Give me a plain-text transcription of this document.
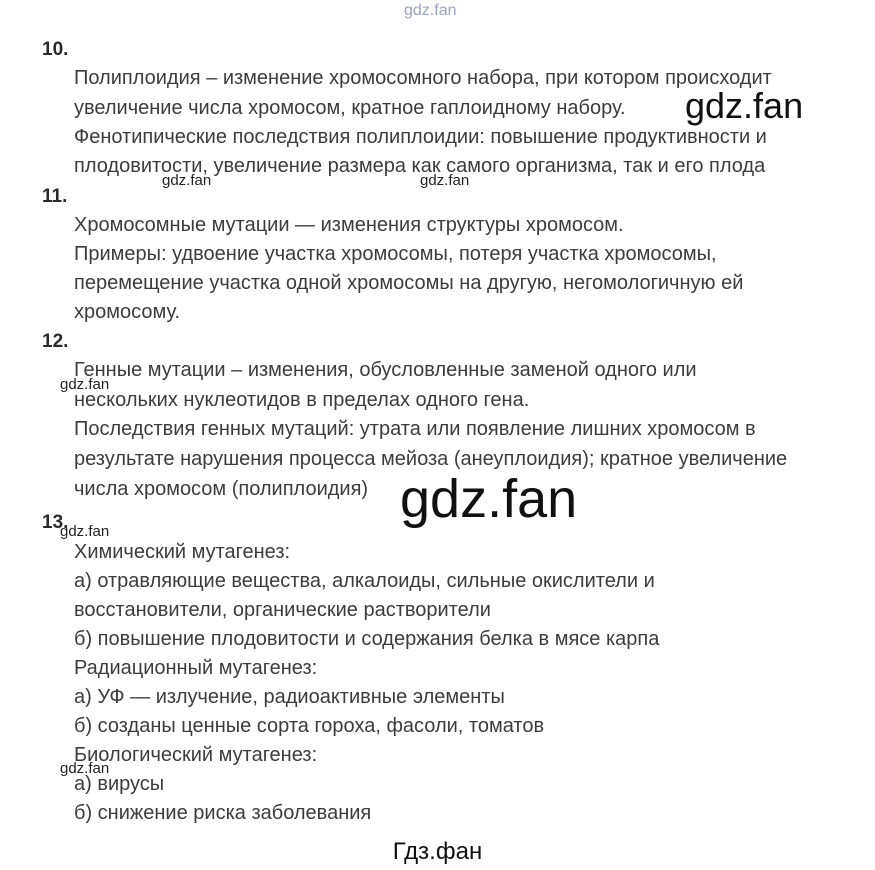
gdz.fan
10.
Полиплоидия – изменение хромосомного набора, при котором происходит
увеличение числа хромосом, кратное гаплоидному набору.
Фенотипические последствия полиплоидии: повышение продуктивности и
плодовитости, увеличение размера как самого организма, так и его плода
11.
Хромосомные мутации — изменения структуры хромосом.
Примеры: удвоение участка хромосомы, потеря участка хромосомы,
перемещение участка одной хромосомы на другую, негомологичную ей
хромосому.
12.
Генные мутации – изменения, обусловленные заменой одного или
нескольких нуклеотидов в пределах одного гена.
Последствия генных мутаций: утрата или появление лишних хромосом в
результате нарушения процесса мейоза (анеуплоидия); кратное увеличение
числа хромосом (полиплоидия)
13.
Химический мутагенез:
а) отравляющие вещества, алкалоиды, сильные окислители и
восстановители, органические растворители
б) повышение плодовитости и содержания белка в мясе карпа
Радиационный мутагенез:
а) УФ — излучение, радиоактивные элементы
б) созданы ценные сорта гороха, фасоли, томатов
Биологический мутагенез:
а) вирусы
б) снижение риска заболевания
gdz.fan
gdz.fan	gdz.fan
gdz.fan
gdz.fan
gdz.fan
gdz.fan
Гдз.фан
